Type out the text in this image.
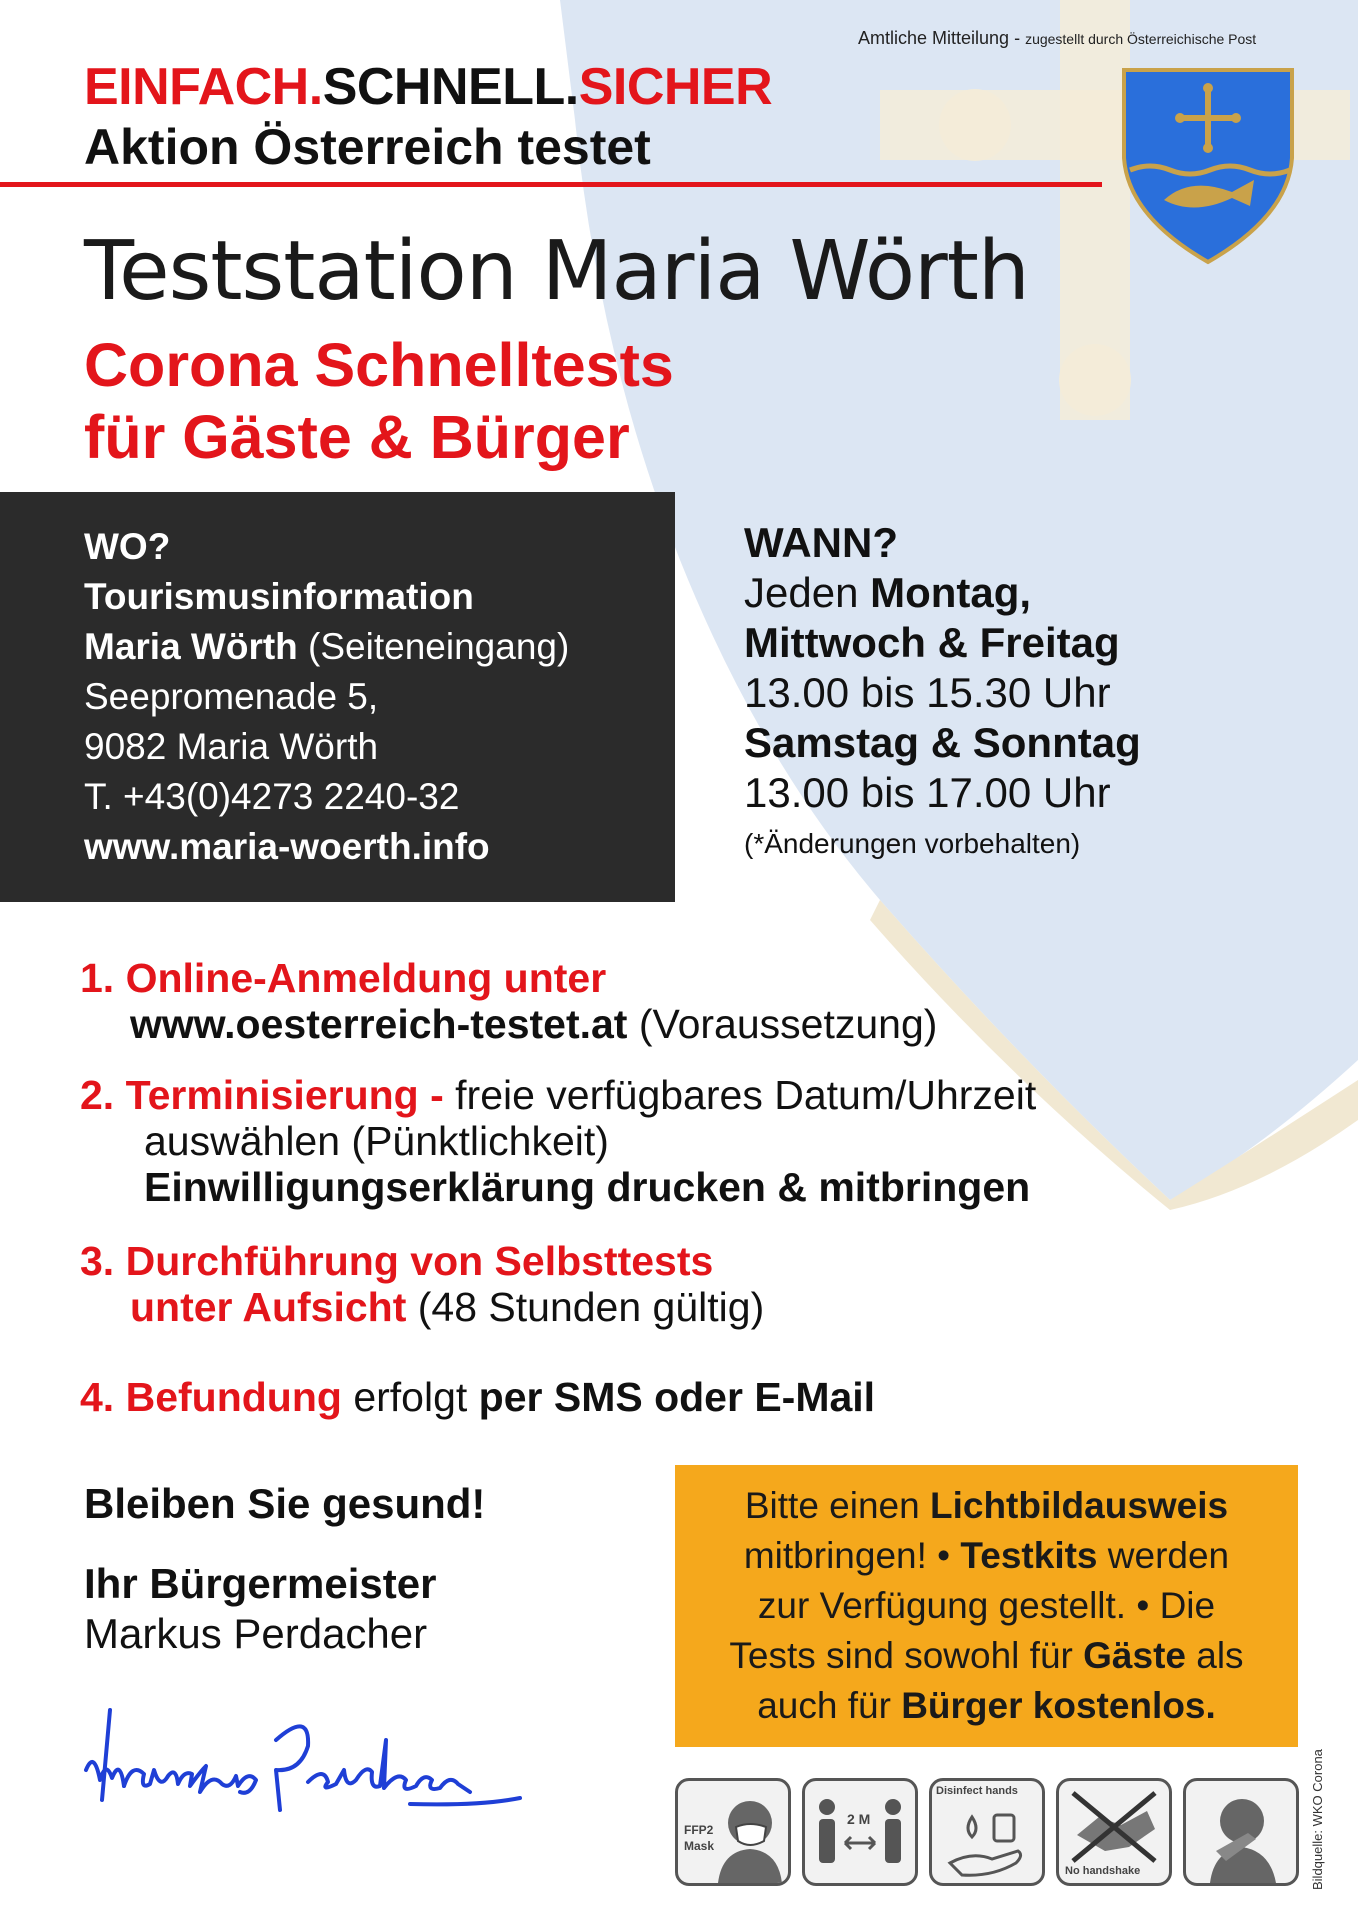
Amtliche Mitteilung - zugestellt durch Österreichische Post
EINFACH.SCHNELL.SICHER
Aktion Österreich testet
Teststation Maria Wörth
Corona Schnelltests
für Gäste & Bürger
WO?
Tourismusinformation
Maria Wörth (Seiteneingang)
Seepromenade 5,
9082 Maria Wörth
T. +43(0)4273 2240-32
www.maria-woerth.info
WANN?
Jeden Montag,
Mittwoch & Freitag
13.00 bis 15.30 Uhr
Samstag & Sonntag
13.00 bis 17.00 Uhr
(*Änderungen vorbehalten)
1. Online-Anmeldung unter
www.oesterreich-testet.at (Voraussetzung)
2. Terminisierung - freie verfügbares Datum/Uhrzeit
auswählen (Pünktlichkeit)
Einwilligungserklärung drucken & mitbringen
3. Durchführung von Selbsttests
unter Aufsicht (48 Stunden gültig)
4. Befundung erfolgt per SMS oder E-Mail
Bleiben Sie gesund!
Ihr Bürgermeister
Markus Perdacher
Bitte einen Lichtbildausweis
mitbringen! • Testkits werden
zur Verfügung gestellt. • Die
Tests sind sowohl für Gäste als
auch für Bürger kostenlos.
FFP2
Mask
2 M
Disinfect hands
No handshake	Bildquelle: WKO Corona
